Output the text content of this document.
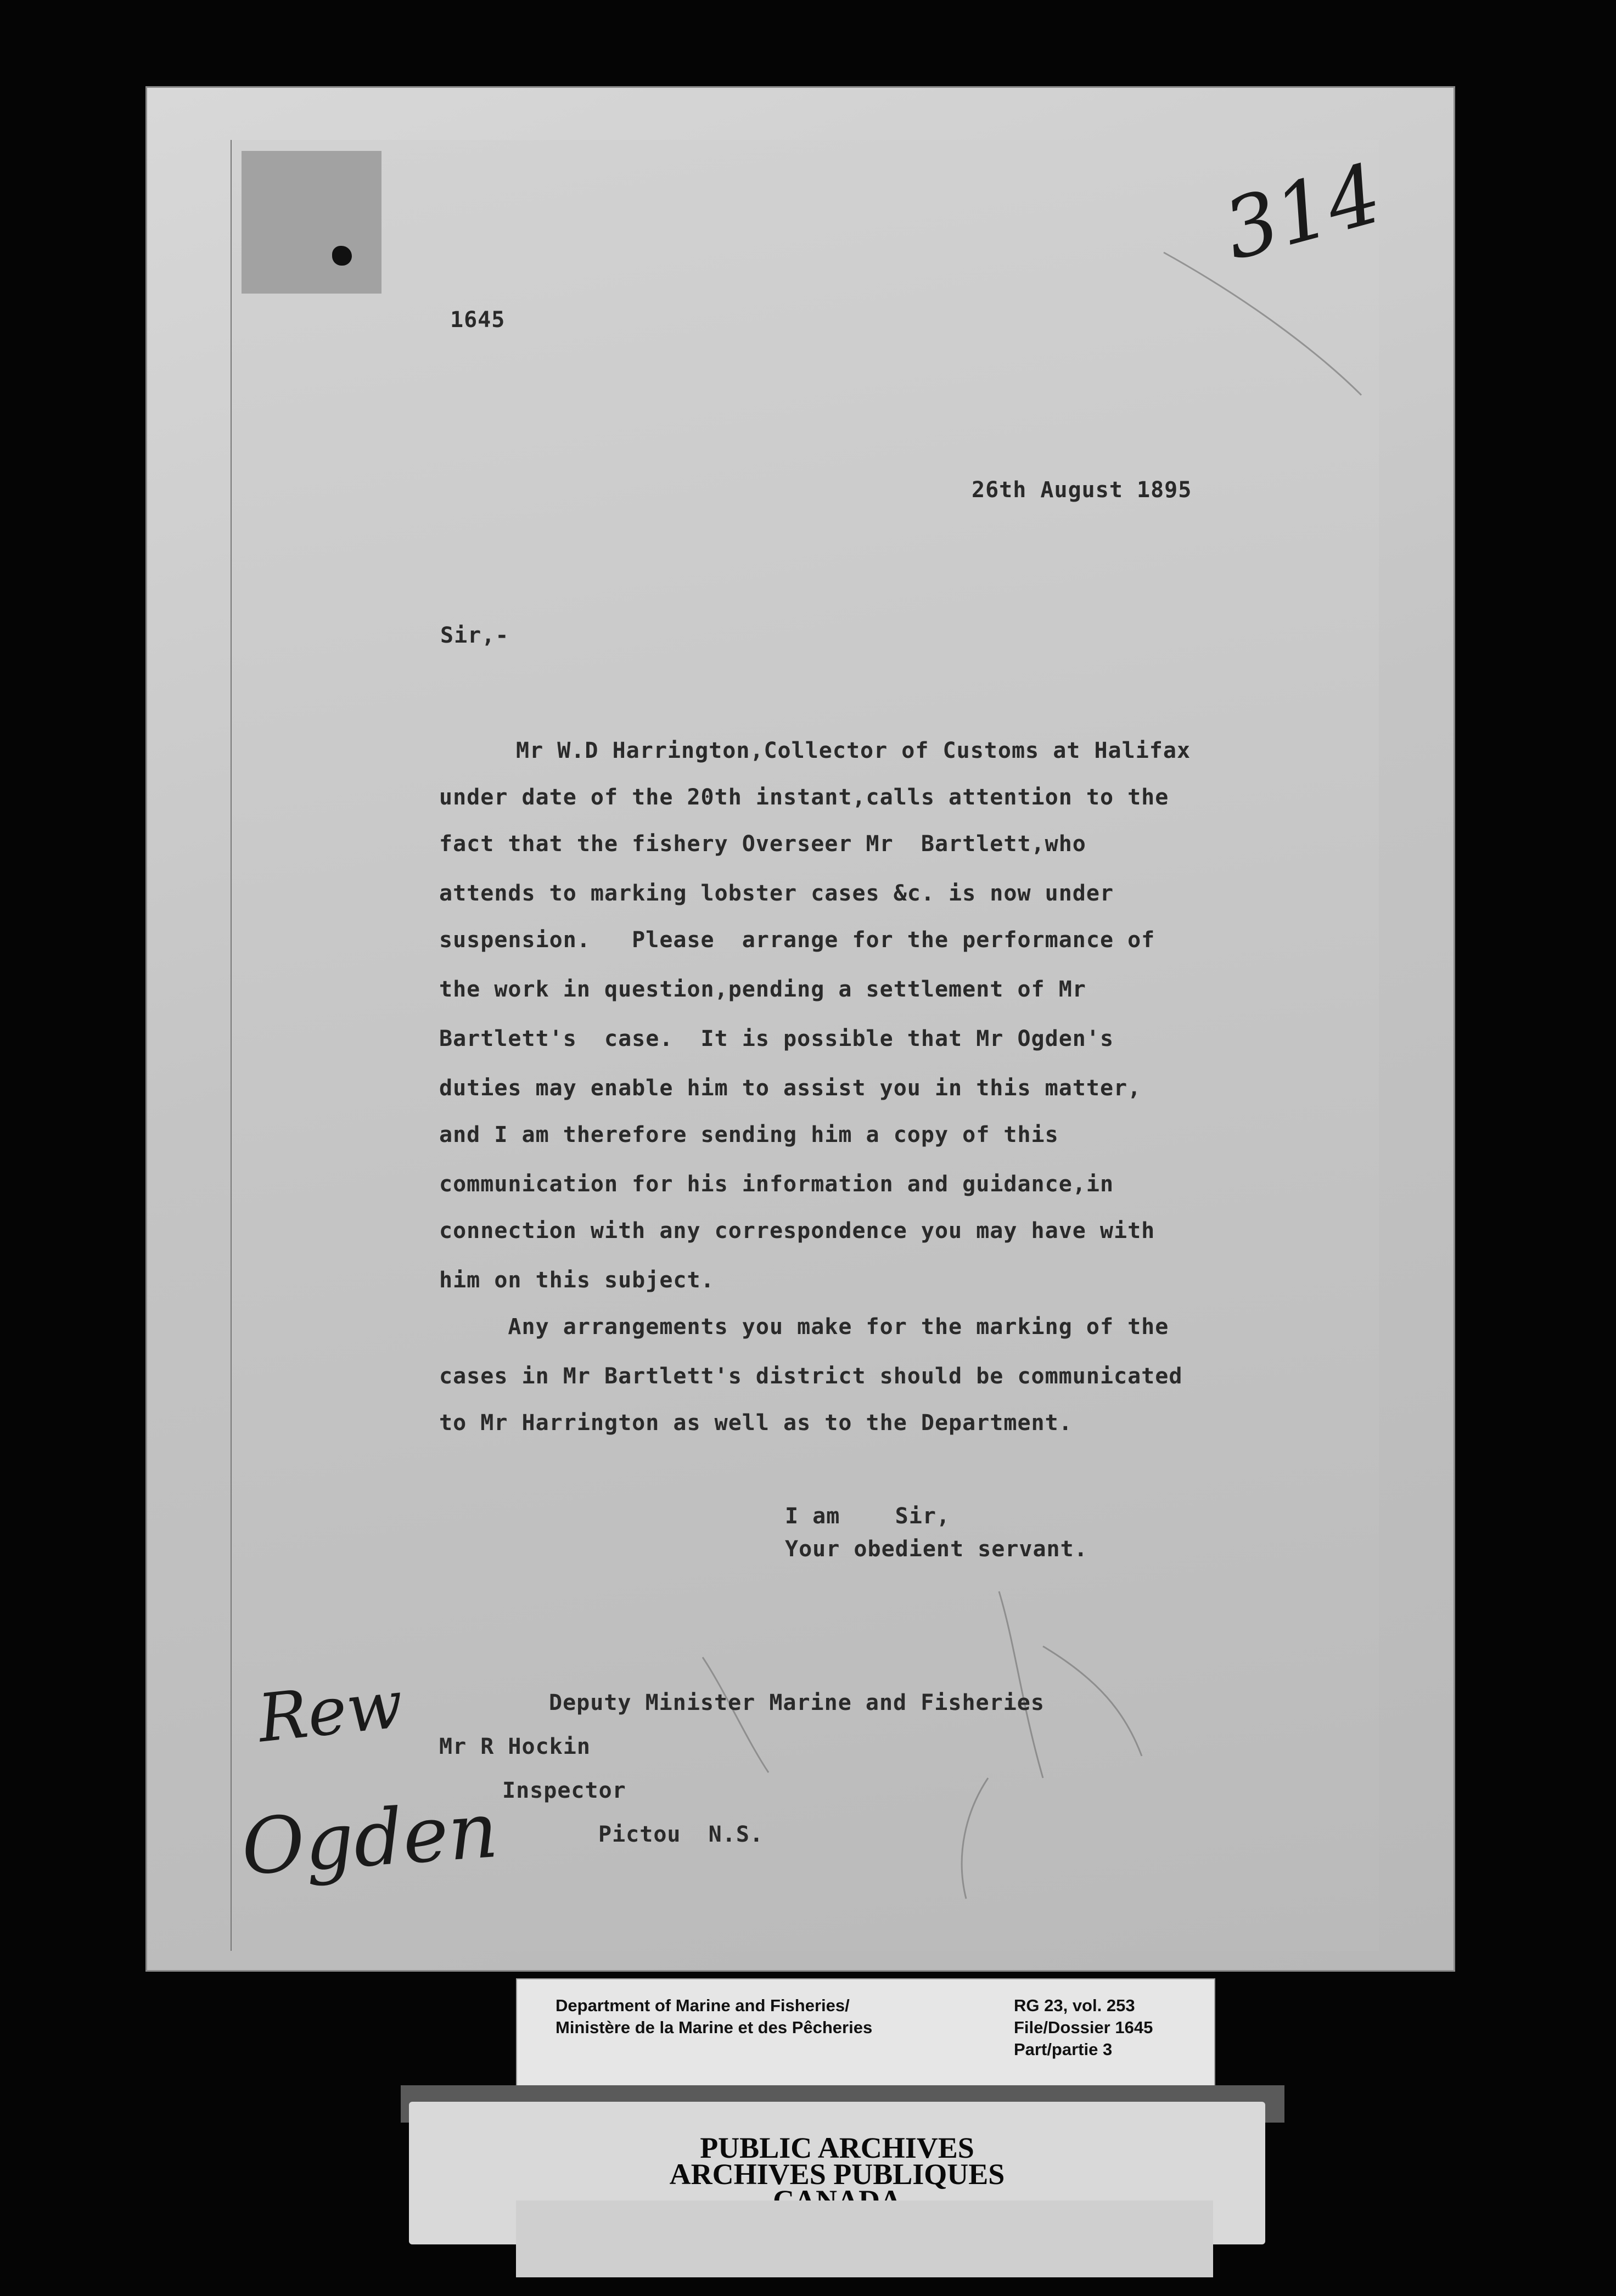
1645
26th August 1895
Sir,-
Mr W.D Harrington,Collector of Customs at Halifax
under date of the 20th instant,calls attention to the
fact that the fishery Overseer Mr  Bartlett,who
attends to marking lobster cases &c. is now under
suspension.   Please  arrange for the performance of
the work in question,pending a settlement of Mr
Bartlett's  case.  It is possible that Mr Ogden's
duties may enable him to assist you in this matter,
and I am therefore sending him a copy of this
communication for his information and guidance,in
connection with any correspondence you may have with
him on this subject.
Any arrangements you make for the marking of the
cases in Mr Bartlett's district should be communicated
to Mr Harrington as well as to the Department.
I am    Sir,
Your obedient servant.
Deputy Minister Marine and Fisheries
Mr R Hockin
Inspector
Pictou  N.S.
314
Rew
Ogden
Department of Marine and Fisheries/
Ministère de la Marine et des Pêcheries
RG 23, vol. 253
File/Dossier 1645
Part/partie 3
PUBLIC ARCHIVES
ARCHIVES PUBLIQUES
